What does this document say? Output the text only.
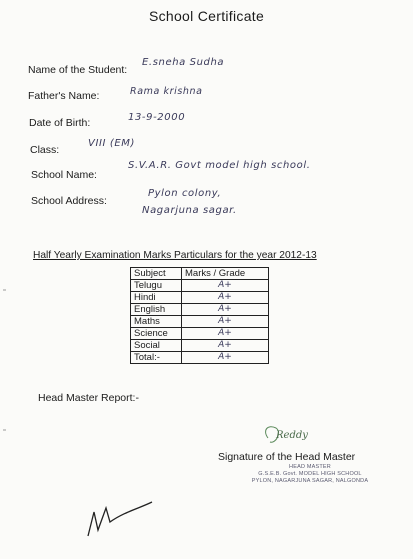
School Certificate
Name of the Student:
E.sneha Sudha
Father's Name:	Rama krishna
Date of Birth:	13-9-2000
Class:
VIII (EM)
School Name:
S.V.A.R. Govt model high school.
School Address:
Pylon colony,
Nagarjuna sagar.
Half Yearly Examination Marks Particulars for the year 2012-13
Subject	Marks / Grade
Telugu	A+
Hindi	A+
English	A+
Maths	A+
Science	A+
Social	A+
Total:-	A+
Head Master Report:-
Reddy
Signature of the Head Master
HEAD MASTER
G.S.E.B. Govt. MODEL HIGH SCHOOL
PYLON, NAGARJUNA SAGAR, NALGONDA
